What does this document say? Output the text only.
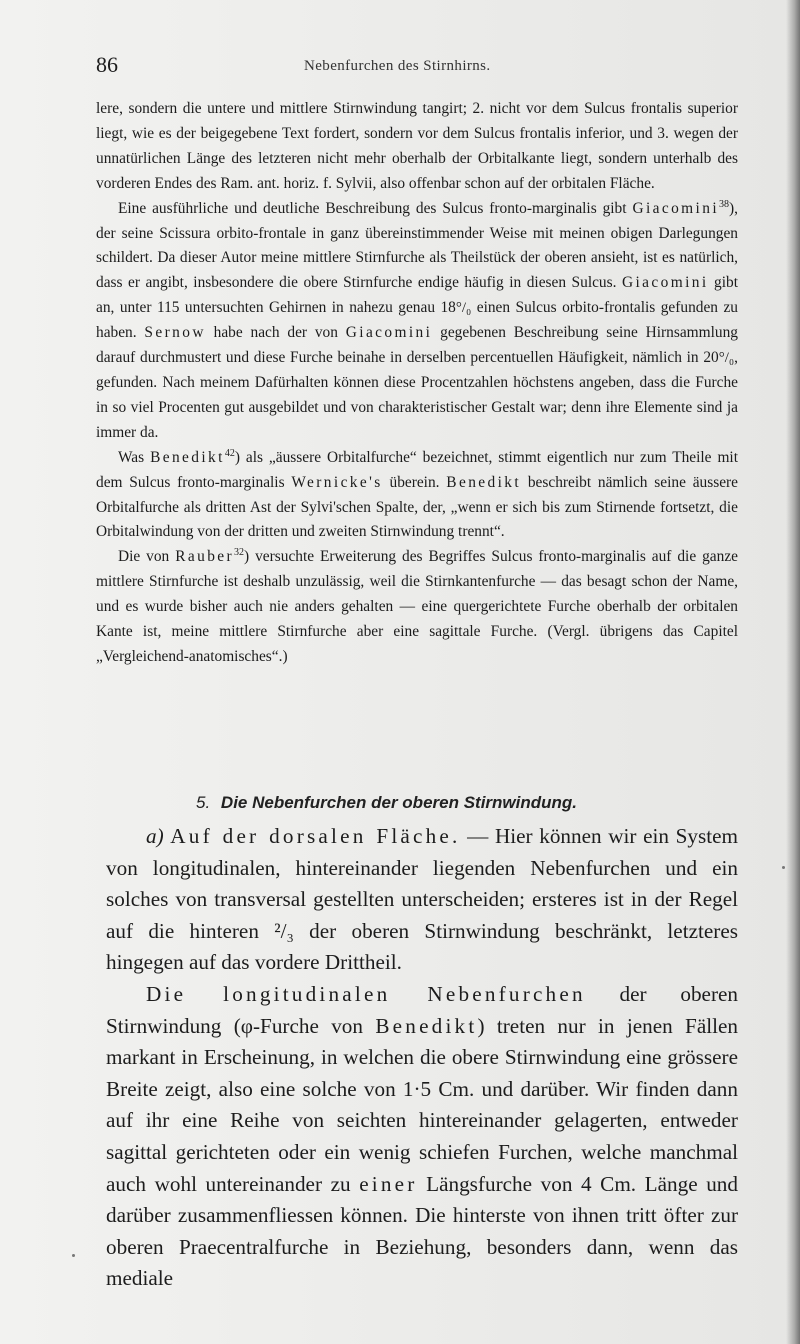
86	Nebenfurchen des Stirnhirns.

lere, sondern die untere und mittlere Stirnwindung tangirt; 2. nicht vor dem Sulcus frontalis superior liegt, wie es der beigegebene Text fordert, sondern vor dem Sulcus frontalis inferior, und 3. wegen der unnatürlichen Länge des letzteren nicht mehr oberhalb der Orbitalkante liegt, sondern unterhalb des vorderen Endes des Ram. ant. horiz. f. Sylvii, also offenbar schon auf der orbitalen Fläche.

Eine ausführliche und deutliche Beschreibung des Sulcus fronto-marginalis gibt Giacomini$^{38}$), der seine Scissura orbito-frontale in ganz übereinstimmender Weise mit meinen obigen Darlegungen schildert. Da dieser Autor meine mittlere Stirnfurche als Theilstück der oberen ansieht, ist es natürlich, dass er angibt, insbesondere die obere Stirnfurche endige häufig in diesen Sulcus. Giacomini gibt an, unter 115 untersuchten Gehirnen in nahezu genau 18°/₀ einen Sulcus orbito-frontalis gefunden zu haben. Sernow habe nach der von Giacomini gegebenen Beschreibung seine Hirnsammlung darauf durchmustert und diese Furche beinahe in derselben percentuellen Häufigkeit, nämlich in 20°/₀, gefunden. Nach meinem Dafürhalten können diese Procentzahlen höchstens angeben, dass die Furche in so viel Procenten gut ausgebildet und von charakteristischer Gestalt war; denn ihre Elemente sind ja immer da.

Was Benedikt$^{42}$) als „äussere Orbitalfurche“ bezeichnet, stimmt eigentlich nur zum Theile mit dem Sulcus fronto-marginalis Wernicke's überein. Benedikt beschreibt nämlich seine äussere Orbitalfurche als dritten Ast der Sylvi'schen Spalte, der, „wenn er sich bis zum Stirnende fortsetzt, die Orbitalwindung von der dritten und zweiten Stirnwindung trennt“.

Die von Rauber$^{32}$) versuchte Erweiterung des Begriffes Sulcus fronto-marginalis auf die ganze mittlere Stirnfurche ist deshalb unzulässig, weil die Stirnkantenfurche — das besagt schon der Name, und es wurde bisher auch nie anders gehalten — eine quergerichtete Furche oberhalb der orbitalen Kante ist, meine mittlere Stirnfurche aber eine sagittale Furche. (Vergl. übrigens das Capitel „Vergleichend-anatomisches“.)

5. Die Nebenfurchen der oberen Stirnwindung.

a) Auf der dorsalen Fläche. — Hier können wir ein System von longitudinalen, hintereinander liegenden Nebenfurchen und ein solches von transversal gestellten unterscheiden; ersteres ist in der Regel auf die hinteren ²/₃ der oberen Stirnwindung beschränkt, letzteres hingegen auf das vordere Drittheil.

Die longitudinalen Nebenfurchen der oberen Stirnwindung (φ-Furche von Benedikt) treten nur in jenen Fällen markant in Erscheinung, in welchen die obere Stirnwindung eine grössere Breite zeigt, also eine solche von 1·5 Cm. und darüber. Wir finden dann auf ihr eine Reihe von seichten hintereinander gelagerten, entweder sagittal gerichteten oder ein wenig schiefen Furchen, welche manchmal auch wohl untereinander zu einer Längsfurche von 4 Cm. Länge und darüber zusammenfliessen können. Die hinterste von ihnen tritt öfter zur oberen Praecentralfurche in Beziehung, besonders dann, wenn das mediale
